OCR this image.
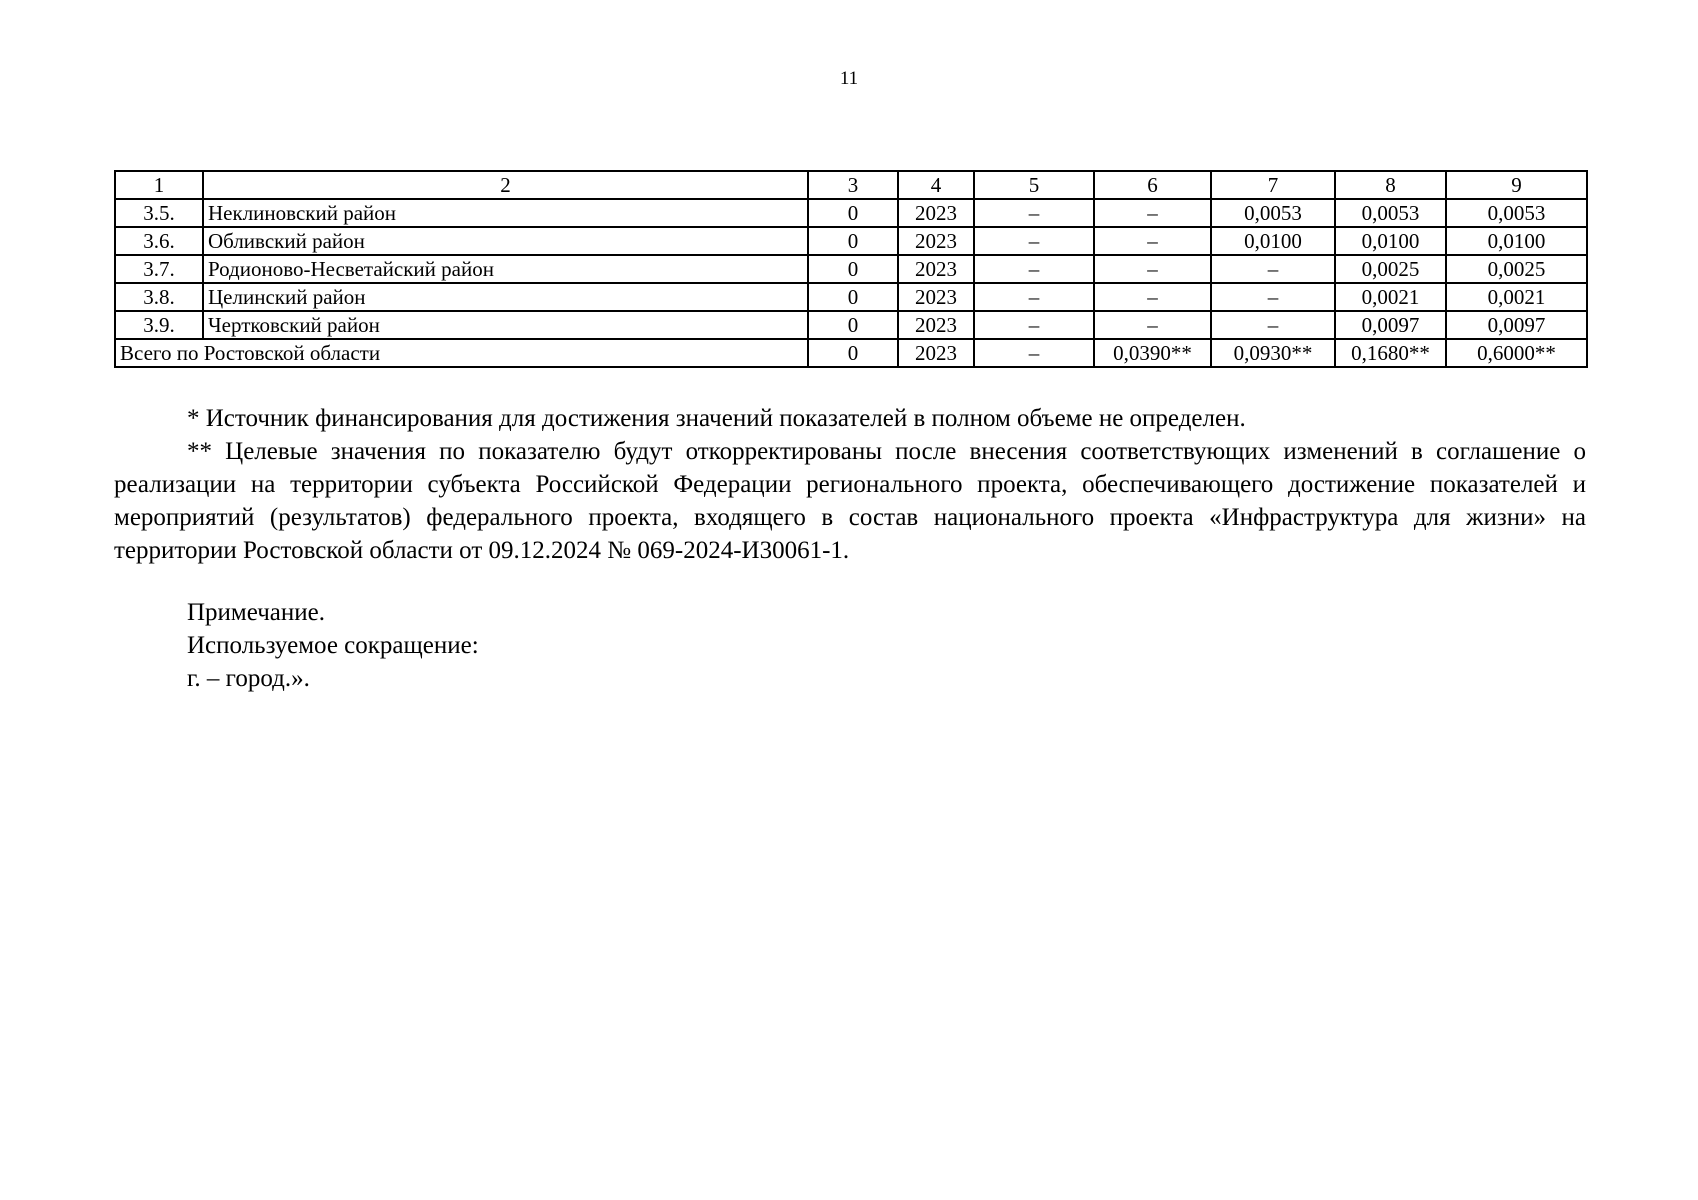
11
1	2	3	4	5	6	7	8	9
3.5.	Неклиновский район	0	2023	–	–	0,0053	0,0053	0,0053
3.6.	Обливский район	0	2023	–	–	0,0100	0,0100	0,0100
3.7.	Родионово-Несветайский район	0	2023	–	–	–	0,0025	0,0025
3.8.	Целинский район	0	2023	–	–	–	0,0021	0,0021
3.9.	Чертковский район	0	2023	–	–	–	0,0097	0,0097
Всего по Ростовской области		0	2023	–	0,0390**	0,0930**	0,1680**	0,6000**

* Источник финансирования для достижения значений показателей в полном объеме не определен.

** Целевые значения по показателю будут откорректированы после внесения соответствующих изменений в соглашение о реализации на территории субъекта Российской Федерации регионального проекта, обеспечивающего достижение показателей и мероприятий (результатов) федерального проекта, входящего в состав национального проекта «Инфраструктура для жизни» на территории Ростовской области от 09.12.2024 № 069-2024-И30061-1.

Примечание.

Используемое сокращение:

г. – город.».
